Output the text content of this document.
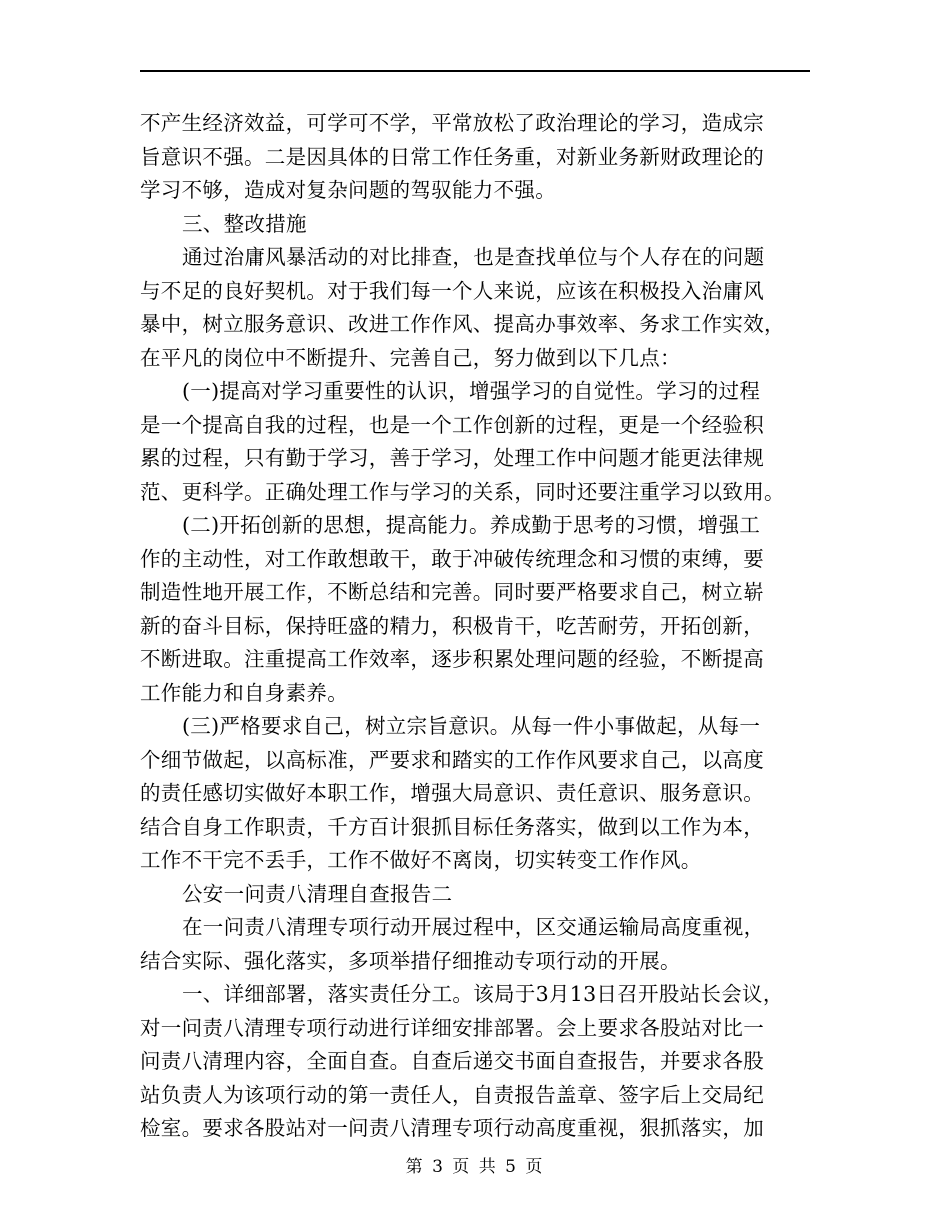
不产生经济效益，可学可不学，平常放松了政治理论的学习，造成宗
旨意识不强。二是因具体的日常工作任务重，对新业务新财政理论的
学习不够，造成对复杂问题的驾驭能力不强。
三、整改措施
通过治庸风暴活动的对比排查，也是查找单位与个人存在的问题
与不足的良好契机。对于我们每一个人来说，应该在积极投入治庸风
暴中，树立服务意识、改进工作作风、提高办事效率、务求工作实效，
在平凡的岗位中不断提升、完善自己，努力做到以下几点：
(一)提高对学习重要性的认识，增强学习的自觉性。学习的过程
是一个提高自我的过程，也是一个工作创新的过程，更是一个经验积
累的过程，只有勤于学习，善于学习，处理工作中问题才能更法律规
范、更科学。正确处理工作与学习的关系，同时还要注重学习以致用。
(二)开拓创新的思想，提高能力。养成勤于思考的习惯，增强工
作的主动性，对工作敢想敢干，敢于冲破传统理念和习惯的束缚，要
制造性地开展工作，不断总结和完善。同时要严格要求自己，树立崭
新的奋斗目标，保持旺盛的精力，积极肯干，吃苦耐劳，开拓创新，
不断进取。注重提高工作效率，逐步积累处理问题的经验，不断提高
工作能力和自身素养。
(三)严格要求自己，树立宗旨意识。从每一件小事做起，从每一
个细节做起，以高标准，严要求和踏实的工作作风要求自己，以高度
的责任感切实做好本职工作，增强大局意识、责任意识、服务意识。
结合自身工作职责，千方百计狠抓目标任务落实，做到以工作为本，
工作不干完不丢手，工作不做好不离岗，切实转变工作作风。
公安一问责八清理自查报告二
在一问责八清理专项行动开展过程中，区交通运输局高度重视，
结合实际、强化落实，多项举措仔细推动专项行动的开展。
一、详细部署，落实责任分工。该局于3月13日召开股站长会议，
对一问责八清理专项行动进行详细安排部署。会上要求各股站对比一
问责八清理内容，全面自查。自查后递交书面自查报告，并要求各股
站负责人为该项行动的第一责任人，自责报告盖章、签字后上交局纪
检室。要求各股站对一问责八清理专项行动高度重视，狠抓落实，加
第 3 页 共 5 页
